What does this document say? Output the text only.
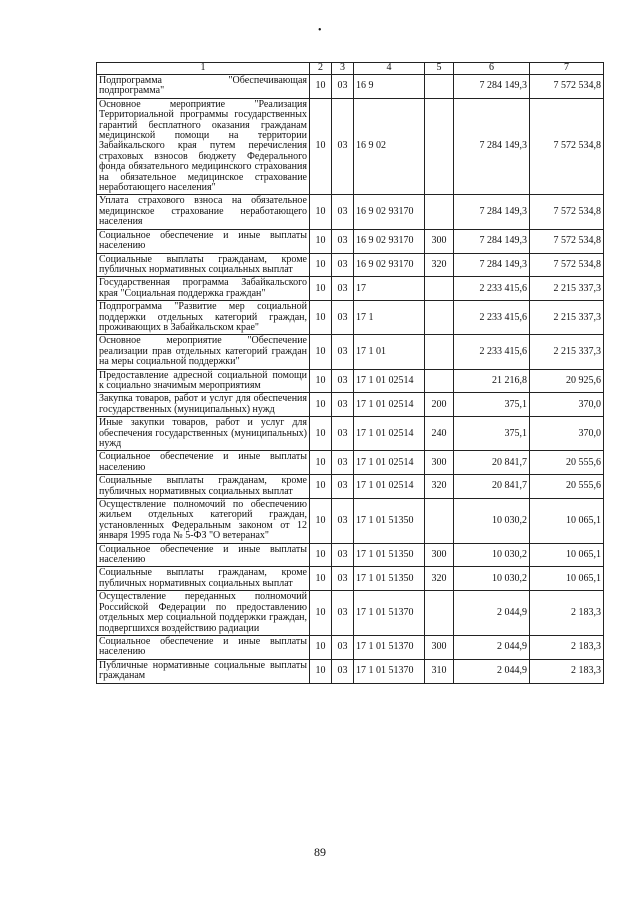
•
1	2	3	4	5	6	7
Подпрограмма "Обеспечивающая подпрограмма"	10	03	16 9		7 284 149,3	7 572 534,8
Основное мероприятие "Реализация Территориальной программы государственных гарантий бесплатного оказания гражданам медицинской помощи на территории Забайкальского края путем перечисления страховых взносов бюджету Федерального фонда обязательного медицинского страхования на обязательное медицинское страхование неработающего населения"	10	03	16 9 02		7 284 149,3	7 572 534,8
Уплата страхового взноса на обязательное медицинское страхование неработающего населения	10	03	16 9 02 93170		7 284 149,3	7 572 534,8
Социальное обеспечение и иные выплаты населению	10	03	16 9 02 93170	300	7 284 149,3	7 572 534,8
Социальные выплаты гражданам, кроме публичных нормативных социальных выплат	10	03	16 9 02 93170	320	7 284 149,3	7 572 534,8
Государственная программа Забайкальского края "Социальная поддержка граждан"	10	03	17		2 233 415,6	2 215 337,3
Подпрограмма "Развитие мер социальной поддержки отдельных категорий граждан, проживающих в Забайкальском крае"	10	03	17 1		2 233 415,6	2 215 337,3
Основное мероприятие "Обеспечение реализации прав отдельных категорий граждан на меры социальной поддержки"	10	03	17 1 01		2 233 415,6	2 215 337,3
Предоставление адресной социальной помощи к социально значимым мероприятиям	10	03	17 1 01 02514		21 216,8	20 925,6
Закупка товаров, работ и услуг для обеспечения государственных (муниципальных) нужд	10	03	17 1 01 02514	200	375,1	370,0
Иные закупки товаров, работ и услуг для обеспечения государственных (муниципальных) нужд	10	03	17 1 01 02514	240	375,1	370,0
Социальное обеспечение и иные выплаты населению	10	03	17 1 01 02514	300	20 841,7	20 555,6
Социальные выплаты гражданам, кроме публичных нормативных социальных выплат	10	03	17 1 01 02514	320	20 841,7	20 555,6
Осуществление полномочий по обеспечению жильем отдельных категорий граждан, установленных Федеральным законом от 12 января 1995 года № 5-ФЗ "О ветеранах"	10	03	17 1 01 51350		10 030,2	10 065,1
Социальное обеспечение и иные выплаты населению	10	03	17 1 01 51350	300	10 030,2	10 065,1
Социальные выплаты гражданам, кроме публичных нормативных социальных выплат	10	03	17 1 01 51350	320	10 030,2	10 065,1
Осуществление переданных полномочий Российской Федерации по предоставлению отдельных мер социальной поддержки граждан, подвергшихся воздействию радиации	10	03	17 1 01 51370		2 044,9	2 183,3
Социальное обеспечение и иные выплаты населению	10	03	17 1 01 51370	300	2 044,9	2 183,3
Публичные нормативные социальные выплаты гражданам	10	03	17 1 01 51370	310	2 044,9	2 183,3
89
